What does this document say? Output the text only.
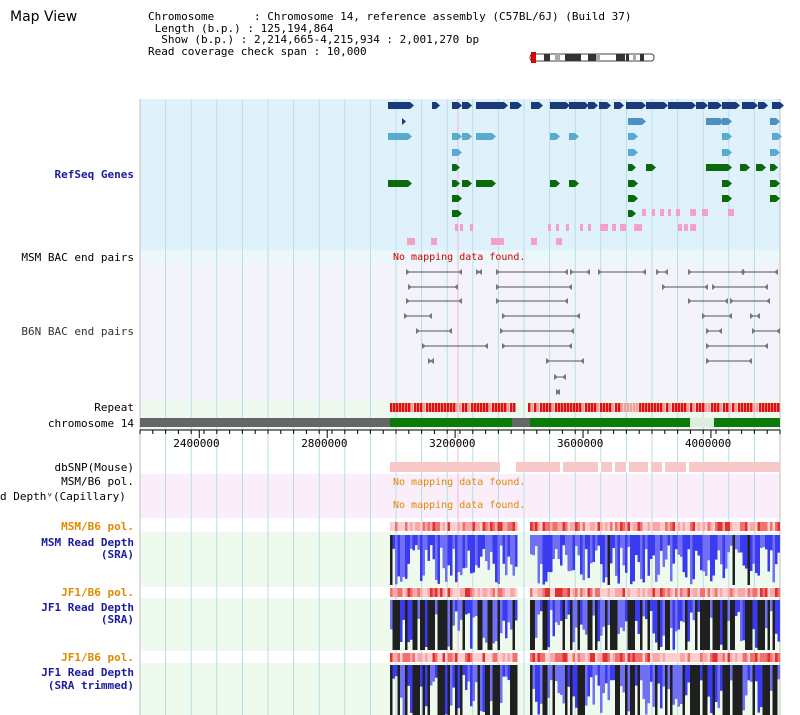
Map View	Chromosome      : Chromosome 14, reference assembly (C57BL/6J) (Build 37)
Length (b.p.) : 125,194,864
Show (b.p.) : 2,214,665-4,215,934 : 2,001,270 bp
Read coverage check span : 10,000
RefSeq Genes
MSM BAC end pairs
B6N BAC end pairs
Repeat
chromosome 14
dbSNP(Mouse)
MSM/B6 pol.
d Depthᵛ(Capillary)
MSM/B6 pol.
MSM Read Depth
(SRA)
JF1/B6 pol.
JF1 Read Depth
(SRA)
JF1/B6 pol.
JF1 Read Depth
(SRA trimmed)
No mapping data found.
No mapping data found.
No mapping data found.
2400000	2800000	3200000	3600000	4000000
